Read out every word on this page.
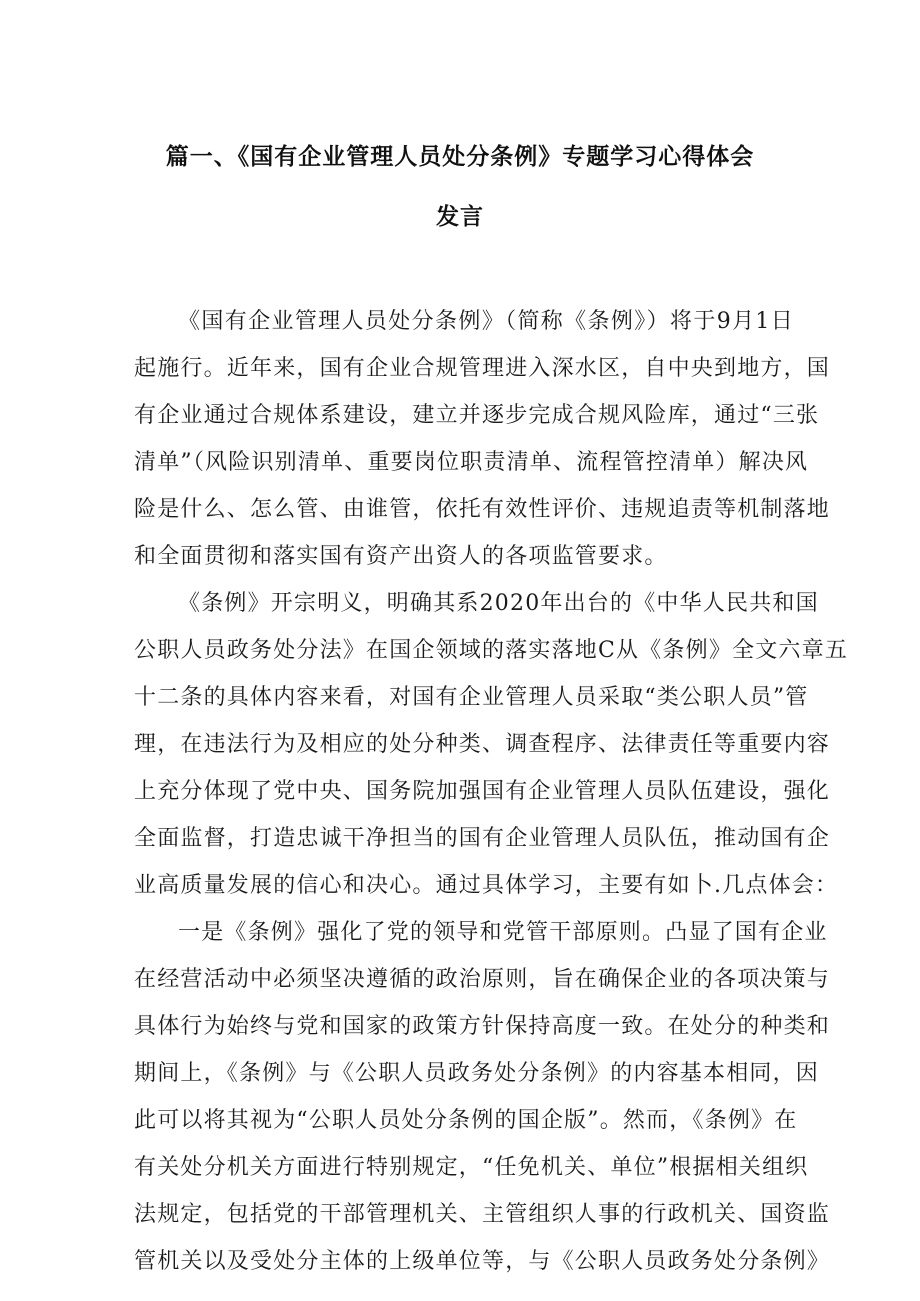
篇一、《国有企业管理人员处分条例》专题学习心得体会
发言

《国有企业管理人员处分条例》（简称《条例》）将于9月1日
起施行。近年来，国有企业合规管理进入深水区，自中央到地方，国
有企业通过合规体系建设，建立并逐步完成合规风险库，通过“三张
清单”（风险识别清单、重要岗位职责清单、流程管控清单）解决风
险是什么、怎么管、由谁管，依托有效性评价、违规追责等机制落地
和全面贯彻和落实国有资产出资人的各项监管要求。

《条例》开宗明义，明确其系2020年出台的《中华人民共和国
公职人员政务处分法》在国企领域的落实落地C从《条例》全文六章五
十二条的具体内容来看，对国有企业管理人员采取“类公职人员”管
理，在违法行为及相应的处分种类、调查程序、法律责任等重要内容
上充分体现了党中央、国务院加强国有企业管理人员队伍建设，强化
全面监督，打造忠诚干净担当的国有企业管理人员队伍，推动国有企
业高质量发展的信心和决心。通过具体学习，主要有如卜.几点体会：

一是《条例》强化了党的领导和党管干部原则。凸显了国有企业
在经营活动中必须坚决遵循的政治原则，旨在确保企业的各项决策与
具体行为始终与党和国家的政策方针保持高度一致。在处分的种类和
期间上，《条例》与《公职人员政务处分条例》的内容基本相同，因
此可以将其视为“公职人员处分条例的国企版”。然而，《条例》在
有关处分机关方面进行特别规定，“任免机关、单位”根据相关组织
法规定，包括党的干部管理机关、主管组织人事的行政机关、国资监
管机关以及受处分主体的上级单位等，与《公职人员政务处分条例》
